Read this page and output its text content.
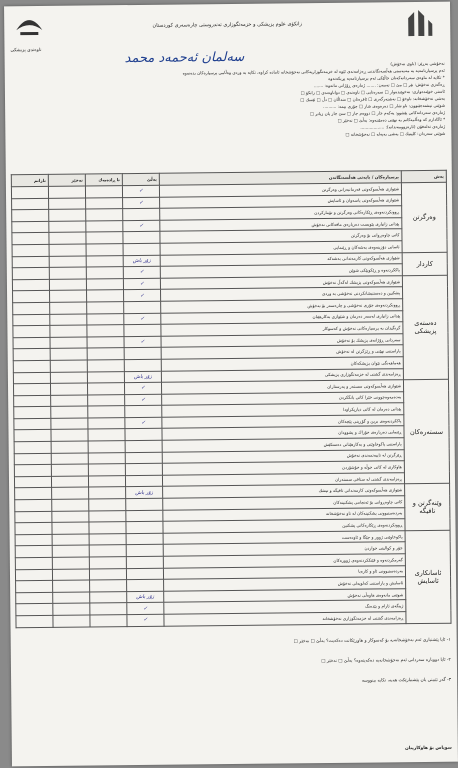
ناوەندی پزیشكی
زانكۆی علوم پزیشكی و خزمەتگوزاری تەندروستی چارەسەری كوردستان
سەلمان ئەحمەد محمد	نەخۆشی بەڕێز: (ناوی نەخۆش)
ئەم پرسیارنامەیە بە مەبەستی هەڵسەنگاندنی ڕەزامەندی ئێوە لە خزمەتگوزاریەكانی نەخۆشخانە ئامادە كراوە، تكایە بە وردی وەڵامی پرسیارەكان بدەنەوە
* تكایە لە ماوەی سەردانەكەتان خاڵێكی ئەم پرسیارنامەیە پڕبكەنەوە
ڕەگەزی نەخۆش: نێر □ مێ □ تەمەن: ....... ژمارەی ڕۆژانی مانەوە: .......
ئاستی خوێندەواری: نەخوێندەوار □ سەرەتایی □ ناوەندی □ دواناوەندی □ زانكۆ □
بەشی نەخۆشخانە: ناوخۆ □ نەشتەرگەری □ ئافرەتان □ منداڵان □ دڵ □ ئێسك □
شوێنی نیشتەجێبوون: ناو شار □ دەرەوەی شار □ جۆری بیمە: ..........
ژمارەی سەردانەكانی پێشوو: یەكەم جار □ دووەم جار □ سێ جار یان زیاتر □
* ئاگادارم كە وەڵامەكانم بە نهێنی دەمێننەوە: بەڵێ □ نەخێر □
ژمارەی تەلەفۆن (ئارەزوومەندانە): ..................
شوێنی سەردان: كلینیك □ بەشی بەپەلە □ نەخۆشخانە □
بەش	پرسیارەكان / بابەتی هەڵسەنگاندن	بەڵێ	تا ڕادەیەك	نەخێر	نازانم
وەرگرتن	شێوازی هەڵسوكەوتی فەرمانبەرانی وەرگرتن	✓			
	شێوازی هەڵسوكەوتی پاسەوان و ئاسایش	✓			
	ڕوونكردنەوەی ڕێكارەكانی وەرگرتن و تۆماركردن				
	پێدانی زانیاری پێویست دەربارەی مافەكانی نەخۆش	✓			
	كاتی چاوەڕوانی بۆ وەرگرتن				
	ئاسانی دۆزینەوەی بەشەكان و ڕێنمایی				
كاردار	شێوازی هەڵسوكەوتی كارمەندانی بەشەكە	زۆر باش			
	پاككردنەوە و ڕێكوپێكی شوێن	✓			
دەستەی پزیشكی	شێوازی هەڵسوكەوتی پزیشك لەگەڵ نەخۆش	✓			
	پشكنین و دەستنیشانكردنی نەخۆشی بە وردی	✓			
	ڕوونكردنەوەی جۆری نەخۆشی و چارەسەر بۆ نەخۆش				
	پێدانی زانیاری لەسەر دەرمان و شێوازی بەكارهێنان	✓			
	گرنگیدان بە پرسیارەكانی نەخۆش و كەسوكار				
	سەردانی ڕۆژانەی پزیشك بۆ نەخۆش	✓			
	پاراستنی نهێنی و ڕێزگرتن لە نەخۆش				
	هەماهەنگی نێوان پزیشكەكان				
	ڕەزامەندی گشتی لە خزمەتگوزاری پزیشكی	زۆر باش			
سستەرەكان	شێوازی هەڵسوكەوتی سستەر و پەرستاران	✓			
	بەدەمەوەچوونی خێرا كاتی بانگكردن	✓			
	پێدانی دەرمان لە كاتی دیاریكراودا				
	پاككردنەوەی برین و گۆڕینی پێچەكان	✓			
	ڕێنمایی دەربارەی خۆراك و پشوودان				
	پاراستنی پاكوخاوێنی و بەكارهێنانی دەستكێش				
	ڕێزگرتن لە تایبەتمەندی نەخۆش				
	هاوكاری لە كاتی جوڵە و خۆشۆردن				
	ڕەزامەندی گشتی لە ستافی سستەران				
وێنەگرتن و تاقیگە	شێوازی هەڵسوكەوتی كارمەندانی تاقیگە و تیشك	زۆر باش			
	كاتی چاوەڕوانی بۆ ئەنجامی پشكنینەكان				
	بەردەستبوونی پشكنینەكان لە ناو نەخۆشخانە				
	ڕوونكردنەوەی ڕێكارەكانی پشكنین				
ئاسانكاری ئاسایش	پاكوخاوێنی ژوور و جێگا و ئاودەست				
	جۆر و كوالیتی خواردن				
	گەرمكردنەوە و فێنككردنەوەی ژوورەكان				
	بەردەستبوونی ئاو و كارەبا				
	ئاسایش و پاراستنی كەلوپەلی نەخۆش				
	شوێنی مانەوەی هاوەڵی نەخۆش	زۆر باش			
	ژینگەی ئارام و بێدەنگ	✓			
	ڕەزامەندی گشتی لە خزمەتگوزاری نەخۆشخانە	✓			
١- ئایا پێشنیاری ئەم نەخۆشخانەیە بۆ كەسوكار و هاوڕێكانت دەكەیت؟ بەڵێ □ نەخێر □
٢- ئایا دووبارە سەردانی ئەم نەخۆشخانەیە دەكەیتەوە؟ بەڵێ □ نەخێر □
٣- گەر تێبینی یان پێشنیارێكت هەیە، تكایە بینووسە
سوپاس بۆ هاوكاریتان
